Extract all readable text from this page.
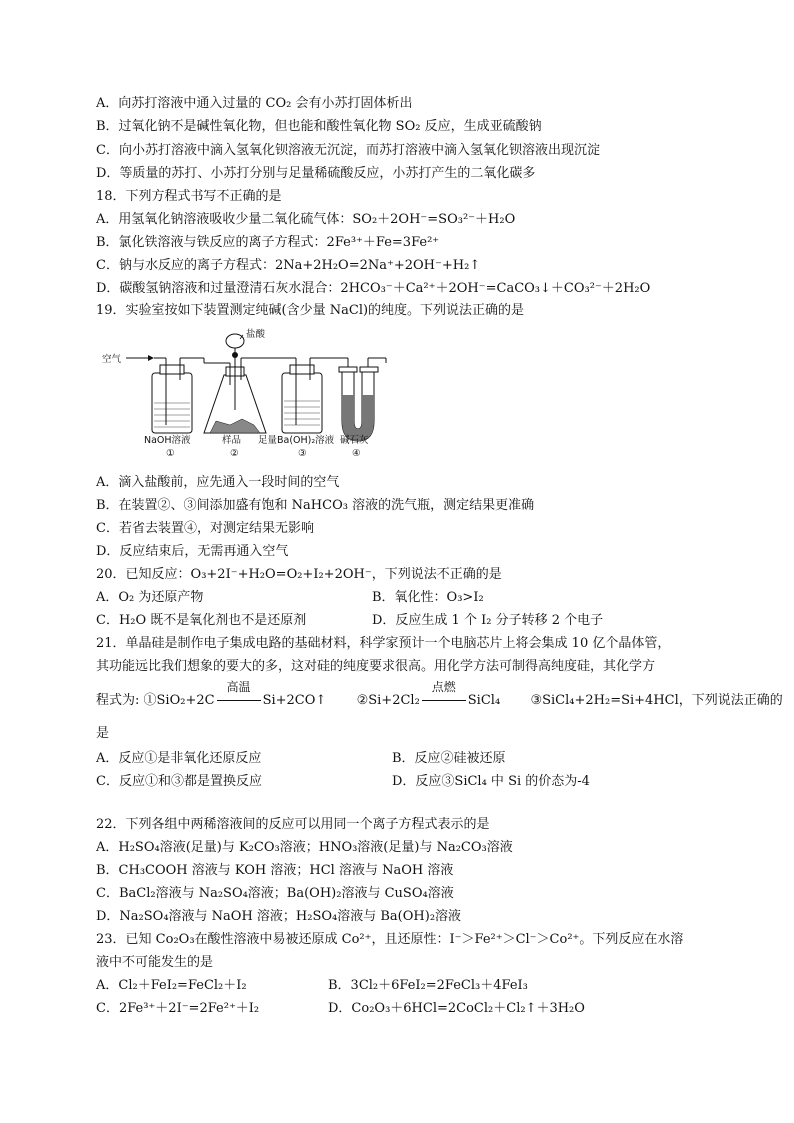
A．向苏打溶液中通入过量的 CO₂ 会有小苏打固体析出
B．过氧化钠不是碱性氧化物，但也能和酸性氧化物 SO₂ 反应，生成亚硫酸钠
C．向小苏打溶液中滴入氢氧化钡溶液无沉淀，而苏打溶液中滴入氢氧化钡溶液出现沉淀
D．等质量的苏打、小苏打分别与足量稀硫酸反应，小苏打产生的二氧化碳多
18．下列方程式书写不正确的是
A．用氢氧化钠溶液吸收少量二氧化硫气体：SO₂＋2OH⁻=SO₃²⁻＋H₂O
B．氯化铁溶液与铁反应的离子方程式：2Fe³⁺＋Fe=3Fe²⁺
C．钠与水反应的离子方程式：2Na+2H₂O=2Na⁺+2OH⁻+H₂↑
D．碳酸氢钠溶液和过量澄清石灰水混合：2HCO₃⁻＋Ca²⁺＋2OH⁻=CaCO₃↓＋CO₃²⁻＋2H₂O
19．实验室按如下装置测定纯碱(含少量 NaCl)的纯度。下列说法正确的是
空气
盐酸
NaOH溶液
①
样品
②
足量Ba(OH)₂溶液
③
碱石灰
④
A．滴入盐酸前，应先通入一段时间的空气
B．在装置②、③间添加盛有饱和 NaHCO₃ 溶液的洗气瓶，测定结果更准确
C．若省去装置④，对测定结果无影响
D．反应结束后，无需再通入空气
20．已知反应：O₃+2I⁻+H₂O=O₂+I₂+2OH⁻，下列说法不正确的是
A．O₂ 为还原产物	B．氧化性：O₃>I₂
C．H₂O 既不是氧化剂也不是还原剂	D．反应生成 1 个 I₂ 分子转移 2 个电子
21．单晶硅是制作电子集成电路的基础材料，科学家预计一个电脑芯片上将会集成 10 亿个晶体管，
其功能远比我们想象的要大的多，这对硅的纯度要求很高。用化学方法可制得高纯度硅，其化学方
程式为: ①SiO₂+2C
高温
Si+2CO↑ ②Si+2Cl₂
点燃
SiCl₄ ③SiCl₄+2H₂=Si+4HCl，下列说法正确的
是
A．反应①是非氧化还原反应	B．反应②硅被还原
C．反应①和③都是置换反应	D．反应③SiCl₄ 中 Si 的价态为-4
22．下列各组中两稀溶液间的反应可以用同一个离子方程式表示的是
A．H₂SO₄溶液(足量)与 K₂CO₃溶液；HNO₃溶液(足量)与 Na₂CO₃溶液
B．CH₃COOH 溶液与 KOH 溶液；HCl 溶液与 NaOH 溶液
C．BaCl₂溶液与 Na₂SO₄溶液；Ba(OH)₂溶液与 CuSO₄溶液
D．Na₂SO₄溶液与 NaOH 溶液；H₂SO₄溶液与 Ba(OH)₂溶液
23．已知 Co₂O₃在酸性溶液中易被还原成 Co²⁺，且还原性：I⁻＞Fe²⁺＞Cl⁻＞Co²⁺。下列反应在水溶
液中不可能发生的是
A．Cl₂＋FeI₂=FeCl₂＋I₂	B．3Cl₂＋6FeI₂=2FeCl₃＋4FeI₃
C．2Fe³⁺＋2I⁻=2Fe²⁺＋I₂	D．Co₂O₃＋6HCl=2CoCl₂＋Cl₂↑＋3H₂O
